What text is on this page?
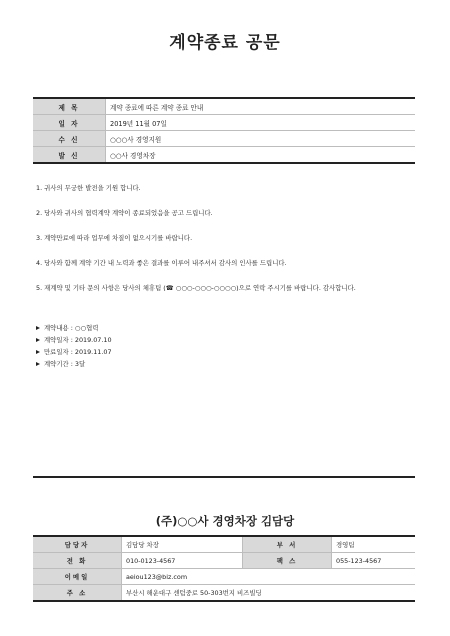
계약종료 공문
제 목	계약 종료에 따른 계약 종료 안내
일 자	2019년 11월 07일
수 신	○○○사 경영지원
발 신	○○사 경영차장

1. 귀사의 무궁한 발전을 기원 합니다.

2. 당사와 귀사의 협력계약 계약이 종료되었음을 공고 드립니다.

3. 계약만료에 따라 업무에 차질이 없으시기를 바랍니다.

4. 당사와 함께 계약 기간 내 노력과 좋은 결과를 이루어 내주셔서 감사의 인사를 드립니다.

5. 재계약 및 기타 문의 사항은 당사의 체휴팀 (☎ ○○○-○○○-○○○○)으로 연락 주시기를 바랍니다. 감사합니다.

계약내용 : ○○협력
계약일자 : 2019.07.10
만료일자 : 2019.11.07
계약기간 : 3달
(주)○○사 경영차장 김담당
담당자	김담당 차장	부 서	경영팀
전 화	010-0123-4567	팩 스	055-123-4567
이메일	aeiou123@biz.com		
주 소	부산시 해운대구 센텀중로 50-303번지 비즈빌딩		
